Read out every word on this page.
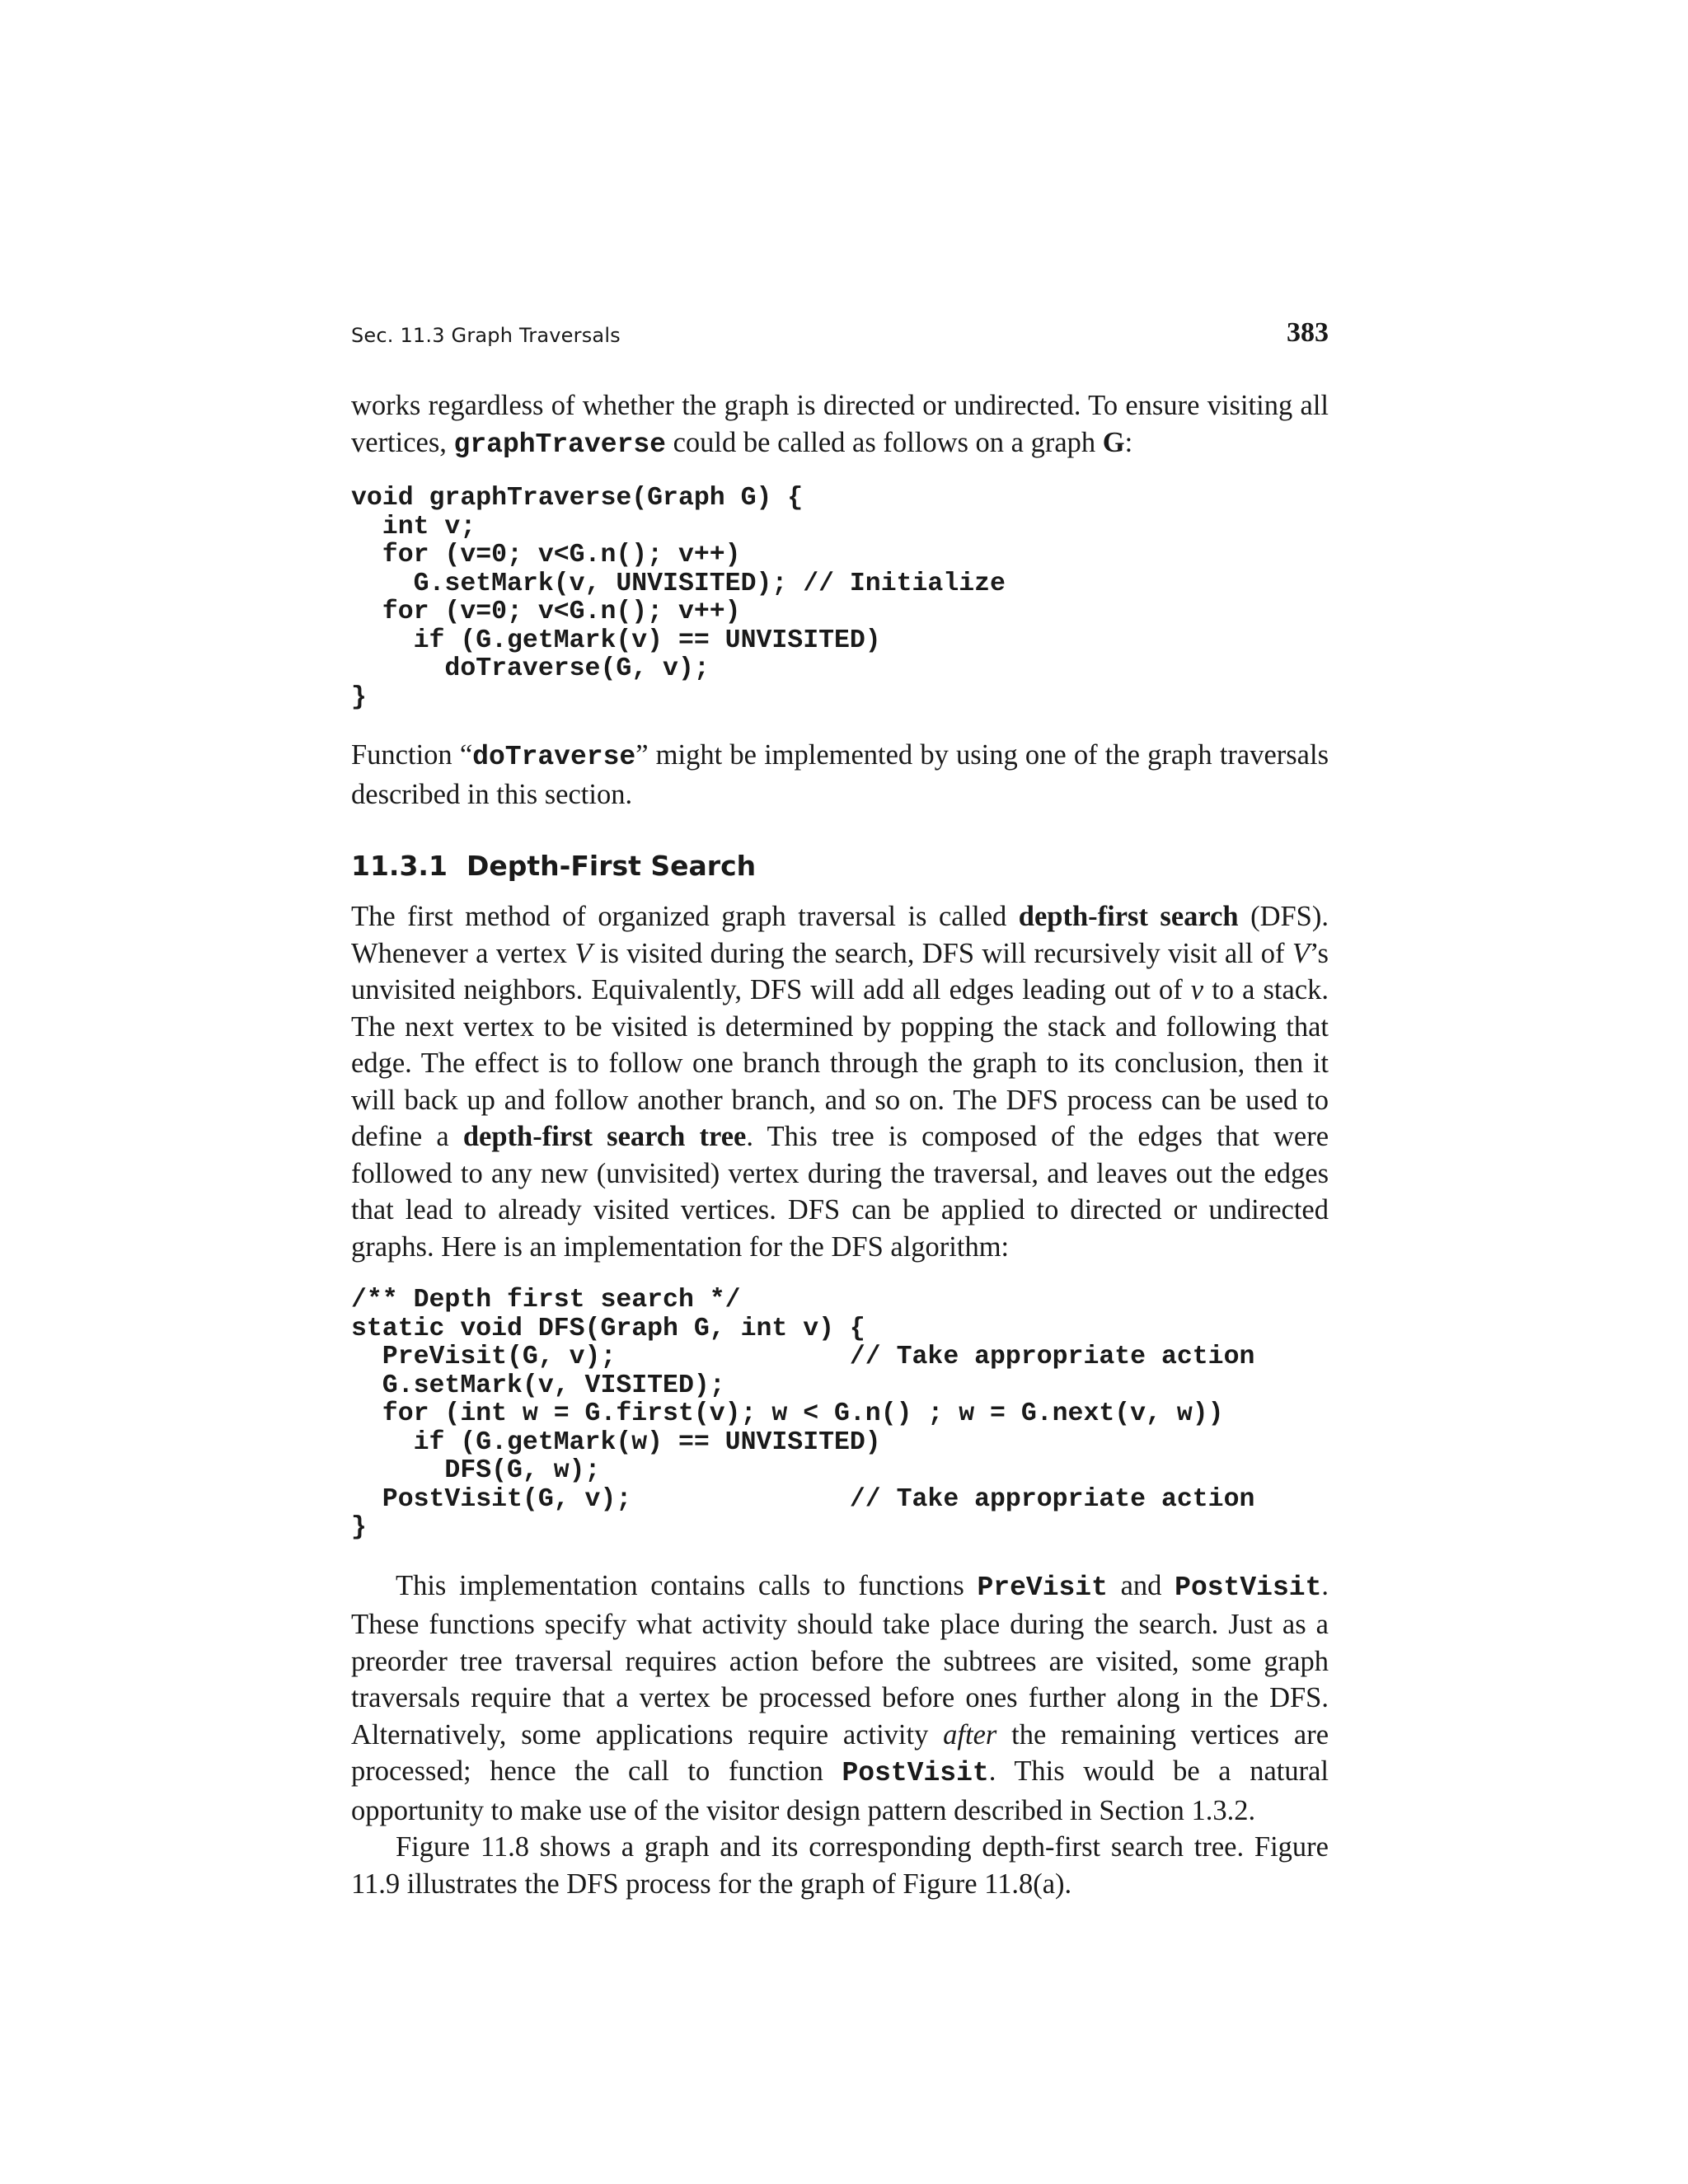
Sec. 11.3 Graph Traversals	383

works regardless of whether the graph is directed or undirected. To ensure visiting all vertices, graphTraverse could be called as follows on a graph G:

void graphTraverse(Graph G) {
int v;
for (v=0; v<G.n(); v++)
G.setMark(v, UNVISITED); // Initialize
for (v=0; v<G.n(); v++)
if (G.getMark(v) == UNVISITED)
doTraverse(G, v);
}

Function “doTraverse” might be implemented by using one of the graph traversals described in this section.

11.3.1 Depth-First Search

The first method of organized graph traversal is called depth-first search (DFS). Whenever a vertex V is visited during the search, DFS will recursively visit all of V’s unvisited neighbors. Equivalently, DFS will add all edges leading out of v to a stack. The next vertex to be visited is determined by popping the stack and following that edge. The effect is to follow one branch through the graph to its conclusion, then it will back up and follow another branch, and so on. The DFS process can be used to define a depth-first search tree. This tree is composed of the edges that were followed to any new (unvisited) vertex during the traversal, and leaves out the edges that lead to already visited vertices. DFS can be applied to directed or undirected graphs. Here is an implementation for the DFS algorithm:

/** Depth first search */
static void DFS(Graph G, int v) {
PreVisit(G, v);               // Take appropriate action
G.setMark(v, VISITED);
for (int w = G.first(v); w < G.n() ; w = G.next(v, w))
if (G.getMark(w) == UNVISITED)
DFS(G, w);
PostVisit(G, v);              // Take appropriate action
}

This implementation contains calls to functions PreVisit and PostVisit. These functions specify what activity should take place during the search. Just as a preorder tree traversal requires action before the subtrees are visited, some graph traversals require that a vertex be processed before ones further along in the DFS. Alternatively, some applications require activity after the remaining vertices are processed; hence the call to function PostVisit. This would be a natural opportunity to make use of the visitor design pattern described in Section 1.3.2.

Figure 11.8 shows a graph and its corresponding depth-first search tree. Figure 11.9 illustrates the DFS process for the graph of Figure 11.8(a).
